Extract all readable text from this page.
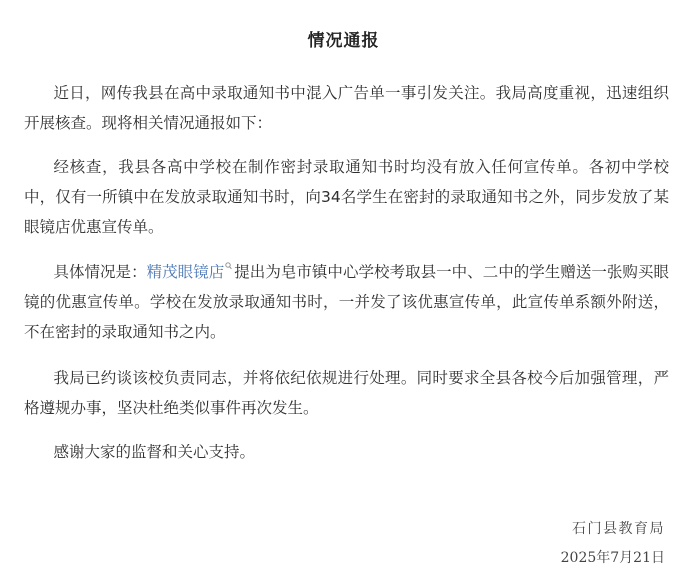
情况通报

近日，网传我县在高中录取通知书中混入广告单一事引发关注。我局高度重视，迅速组织开展核查。现将相关情况通报如下：

经核查，我县各高中学校在制作密封录取通知书时均没有放入任何宣传单。各初中学校中，仅有一所镇中在发放录取通知书时，向34名学生在密封的录取通知书之外，同步发放了某眼镜店优惠宣传单。

具体情况是：精茂眼镜店 提出为皂市镇中心学校考取县一中、二中的学生赠送一张购买眼镜的优惠宣传单。学校在发放录取通知书时，一并发了该优惠宣传单，此宣传单系额外附送，不在密封的录取通知书之内。

我局已约谈该校负责同志，并将依纪依规进行处理。同时要求全县各校今后加强管理，严格遵规办事，坚决杜绝类似事件再次发生。

感谢大家的监督和关心支持。

石门县教育局
2025年7月21日
